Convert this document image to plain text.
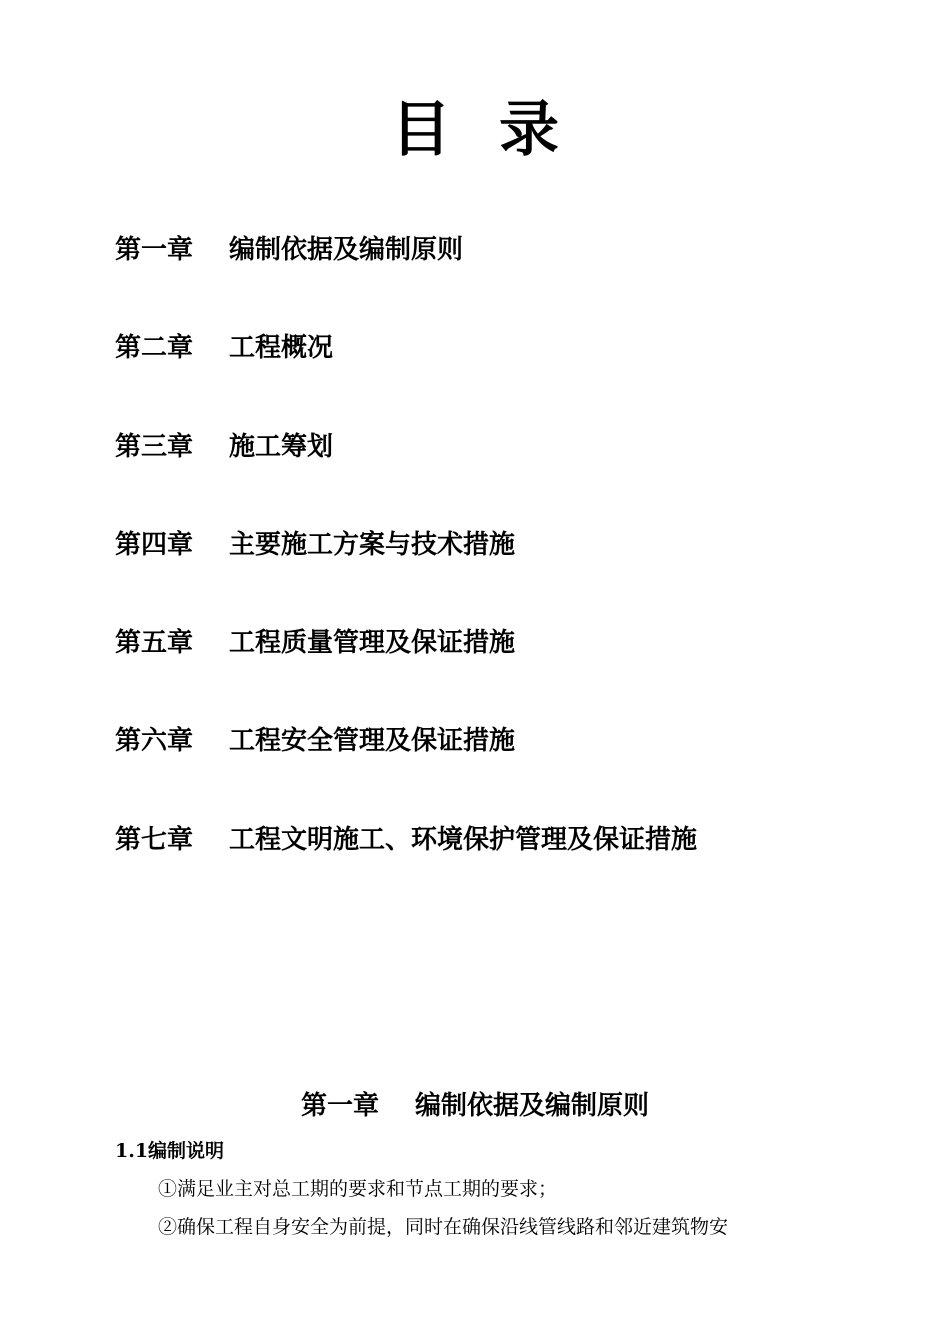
目 录
第一章 编制依据及编制原则
第二章 工程概况
第三章 施工筹划
第四章 主要施工方案与技术措施
第五章 工程质量管理及保证措施
第六章 工程安全管理及保证措施
第七章 工程文明施工、环境保护管理及保证措施
第一章 编制依据及编制原则
1.1编制说明
①满足业主对总工期的要求和节点工期的要求；
②确保工程自身安全为前提，同时在确保沿线管线路和邻近建筑物安
